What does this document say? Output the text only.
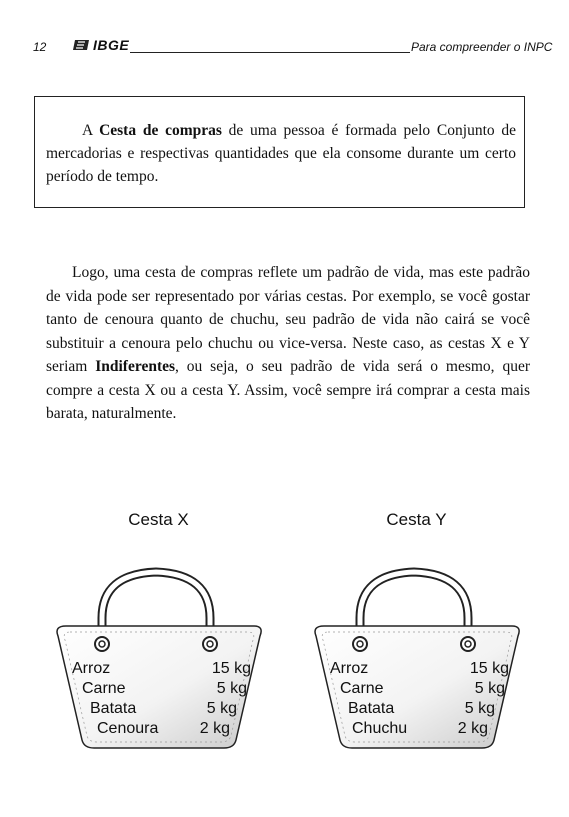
12	IBGE	Para compreender o INPC

A Cesta de compras de uma pessoa é formada pelo Conjunto de mercadorias e respectivas quantidades que ela consome durante um certo período de tempo.

Logo, uma cesta de compras reflete um padrão de vida, mas este padrão de vida pode ser representado por várias cestas. Por exemplo, se você gostar tanto de cenoura quanto de chuchu, seu padrão de vida não cairá se você substituir a cenoura pelo chuchu ou vice-versa. Neste caso, as cestas X e Y seriam Indiferentes, ou seja, o seu padrão de vida será o mesmo, quer compre a cesta X ou a cesta Y. Assim, você sempre irá comprar a cesta mais barata, naturalmente.

Cesta X
Arroz	15 kg
Carne	5 kg
Batata	5 kg
Cenoura	2 kg
Cesta Y
Arroz	15 kg
Carne	5 kg
Batata	5 kg
Chuchu	2 kg
